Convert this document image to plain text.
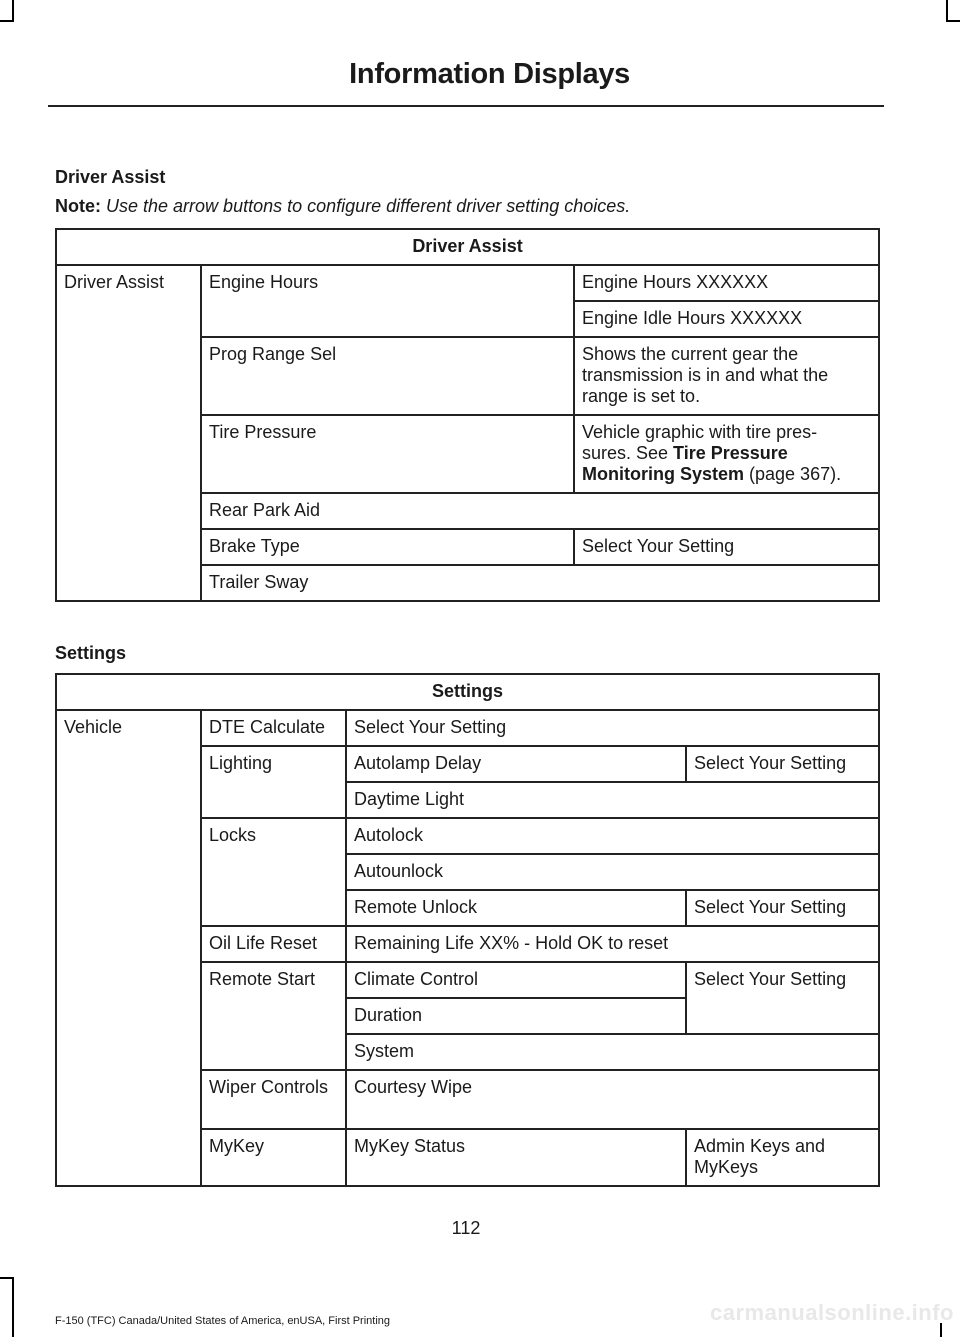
Information Displays
Driver Assist
Note: Use the arrow buttons to configure different driver setting choices.
Driver Assist		
Driver Assist	Engine Hours	Engine Hours XXXXXX
		Engine Idle Hours XXXXXX
	Prog Range Sel	Shows the current gear the transmission is in and what the range is set to.
	Tire Pressure	Vehicle graphic with tire pres- sures. See Tire Pressure Monitoring System (page 367).
	Rear Park Aid	
	Brake Type	Select Your Setting
	Trailer Sway	
Settings
Settings			
Vehicle	DTE Calculate	Select Your Setting	
	Lighting	Autolamp Delay	Select Your Setting
		Daytime Light	
	Locks	Autolock	
		Autounlock	
		Remote Unlock	Select Your Setting
	Oil Life Reset	Remaining Life XX% - Hold OK to reset	
	Remote Start	Climate Control	Select Your Setting
		Duration	
		System	
	Wiper Controls	Courtesy Wipe	
	MyKey	MyKey Status	Admin Keys and MyKeys
112
F-150 (TFC) Canada/United States of America, enUSA, First Printing	carmanualsonline.info
